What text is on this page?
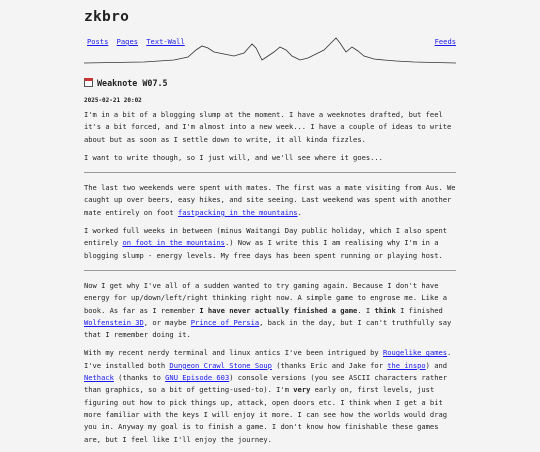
zkbro
Posts Pages Text-Wall	Feeds
Weaknote W07.5
2025-02-21 20:02

I'm in a bit of a blogging slump at the moment. I have a weeknotes drafted, but feel it's a bit forced, and I'm almost into a new week... I have a couple of ideas to write about but as soon as I settle down to write, it all kinda fizzles.

I want to write though, so I just will, and we'll see where it goes...

The last two weekends were spent with mates. The first was a mate visiting from Aus. We caught up over beers, easy hikes, and site seeing. Last weekend was spent with another mate entirely on foot fastpacking in the mountains.

I worked full weeks in between (minus Waitangi Day public holiday, which I also spent entirely on foot in the mountains.) Now as I write this I am realising why I'm in a blogging slump - energy levels. My free days has been spent running or playing host.

Now I get why I've all of a sudden wanted to try gaming again. Because I don't have energy for up/down/left/right thinking right now. A simple game to engrose me. Like a book. As far as I remember I have never actually finished a game. I think I finished Wolfenstein 3D, or maybe Prince of Persia, back in the day, but I can't truthfully say that I remember doing it.

With my recent nerdy terminal and linux antics I've been intrigued by Rougelike games. I've installed both Dungeon Crawl Stone Soup (thanks Eric and Jake for the inspo) and Nethack (thanks to GNU Episode 603) console versions (you see ASCII characters rather than graphics, so a bit of getting-used-to). I'm very early on, first levels, just figuring out how to pick things up, attack, open doors etc. I think when I get a bit more familiar with the keys I will enjoy it more. I can see how the worlds would drag you in. Anyway my goal is to finish a game. I don't know how finishable these games are, but I feel like I'll enjoy the journey.
